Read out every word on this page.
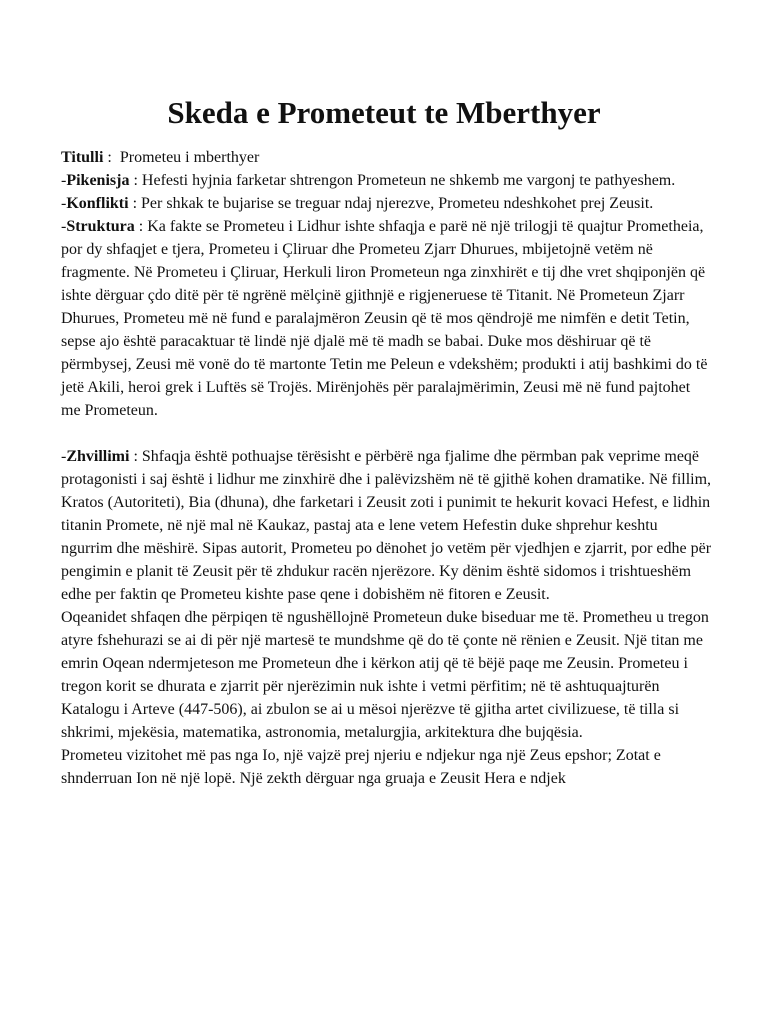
Skeda e Prometeut te Mberthyer

Titulli :  Prometeu i mberthyer

-Pikenisja : Hefesti hyjnia farketar shtrengon Prometeun ne shkemb me vargonj te pathyeshem.

-Konflikti : Per shkak te bujarise se treguar ndaj njerezve, Prometeu ndeshkohet prej Zeusit.

-Struktura : Ka fakte se Prometeu i Lidhur ishte shfaqja e parë në një trilogji të quajtur Prometheia, por dy shfaqjet e tjera, Prometeu i Çliruar dhe Prometeu Zjarr Dhurues, mbijetojnë vetëm në fragmente. Në Prometeu i Çliruar, Herkuli liron Prometeun nga zinxhirët e tij dhe vret shqiponjën që ishte dërguar çdo ditë për të ngrënë mëlçinë gjithnjë e rigjeneruese të Titanit. Në Prometeun Zjarr Dhurues, Prometeu më në fund e paralajmëron Zeusin që të mos qëndrojë me nimfën e detit Tetin, sepse ajo është paracaktuar të lindë një djalë më të madh se babai. Duke mos dëshiruar që të përmbysej, Zeusi më vonë do të martonte Tetin me Peleun e vdekshëm; produkti i atij bashkimi do të jetë Akili, heroi grek i Luftës së Trojës. Mirënjohës për paralajmërimin, Zeusi më në fund pajtohet me Prometeun.

-Zhvillimi : Shfaqja është pothuajse tërësisht e përbërë nga fjalime dhe përmban pak veprime meqë protagonisti i saj është i lidhur me zinxhirë dhe i palëvizshëm në të gjithë kohen dramatike. Në fillim, Kratos (Autoriteti), Bia (dhuna), dhe farketari i Zeusit zoti i punimit te hekurit kovaci Hefest, e lidhin titanin Promete, në një mal në Kaukaz, pastaj ata e lene vetem Hefestin duke shprehur keshtu ngurrim dhe mëshirë. Sipas autorit, Prometeu po dënohet jo vetëm për vjedhjen e zjarrit, por edhe për pengimin e planit të Zeusit për të zhdukur racën njerëzore. Ky dënim është sidomos i trishtueshëm edhe per faktin qe Prometeu kishte pase qene i dobishëm në fitoren e Zeusit.

Oqeanidet shfaqen dhe përpiqen të ngushëllojnë Prometeun duke biseduar me të. Prometheu u tregon atyre fshehurazi se ai di për një martesë te mundshme që do të çonte në rënien e Zeusit. Një titan me emrin Oqean ndermjeteson me Prometeun dhe i kërkon atij që të bëjë paqe me Zeusin. Prometeu i tregon korit se dhurata e zjarrit për njerëzimin nuk ishte i vetmi përfitim; në të ashtuquajturën Katalogu i Arteve (447-506), ai zbulon se ai u mësoi njerëzve të gjitha artet civilizuese, të tilla si shkrimi, mjekësia, matematika, astronomia, metalurgjia, arkitektura dhe bujqësia.

Prometeu vizitohet më pas nga Io, një vajzë prej njeriu e ndjekur nga një Zeus epshor; Zotat e shnderruan Ion në një lopë. Një zekth dërguar nga gruaja e Zeusit Hera e ndjek
